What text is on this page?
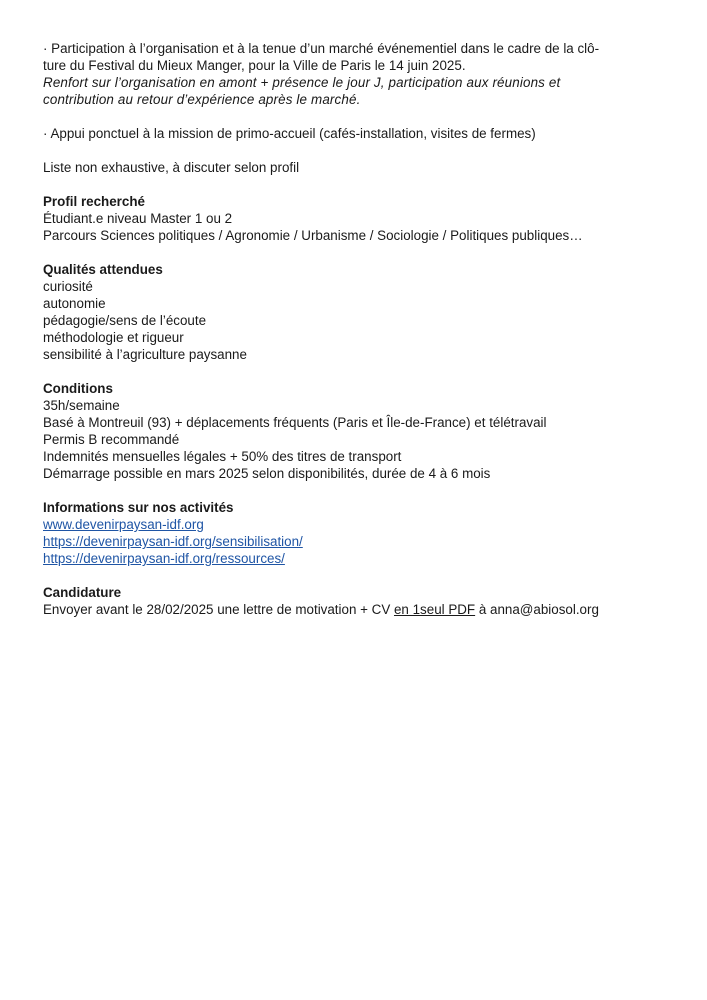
· Participation à l’organisation et à la tenue d’un marché événementiel dans le cadre de la clô-
ture du Festival du Mieux Manger, pour la Ville de Paris le 14 juin 2025.
Renfort sur l’organisation en amont + présence le jour J, participation aux réunions et
contribution au retour d’expérience après le marché.
· Appui ponctuel à la mission de primo-accueil (cafés-installation, visites de fermes)
Liste non exhaustive, à discuter selon profil
Profil recherché
Étudiant.e niveau Master 1 ou 2
Parcours Sciences politiques / Agronomie / Urbanisme / Sociologie / Politiques publiques…
Qualités attendues
curiosité
autonomie
pédagogie/sens de l’écoute
méthodologie et rigueur
sensibilité à l’agriculture paysanne
Conditions
35h/semaine
Basé à Montreuil (93) + déplacements fréquents (Paris et Île-de-France) et télétravail
Permis B recommandé
Indemnités mensuelles légales + 50% des titres de transport
Démarrage possible en mars 2025 selon disponibilités, durée de 4 à 6 mois
Informations sur nos activités
www.devenirpaysan-idf.org
https://devenirpaysan-idf.org/sensibilisation/
https://devenirpaysan-idf.org/ressources/
Candidature
Envoyer avant le 28/02/2025 une lettre de motivation + CV en 1seul PDF à anna@abiosol.org
